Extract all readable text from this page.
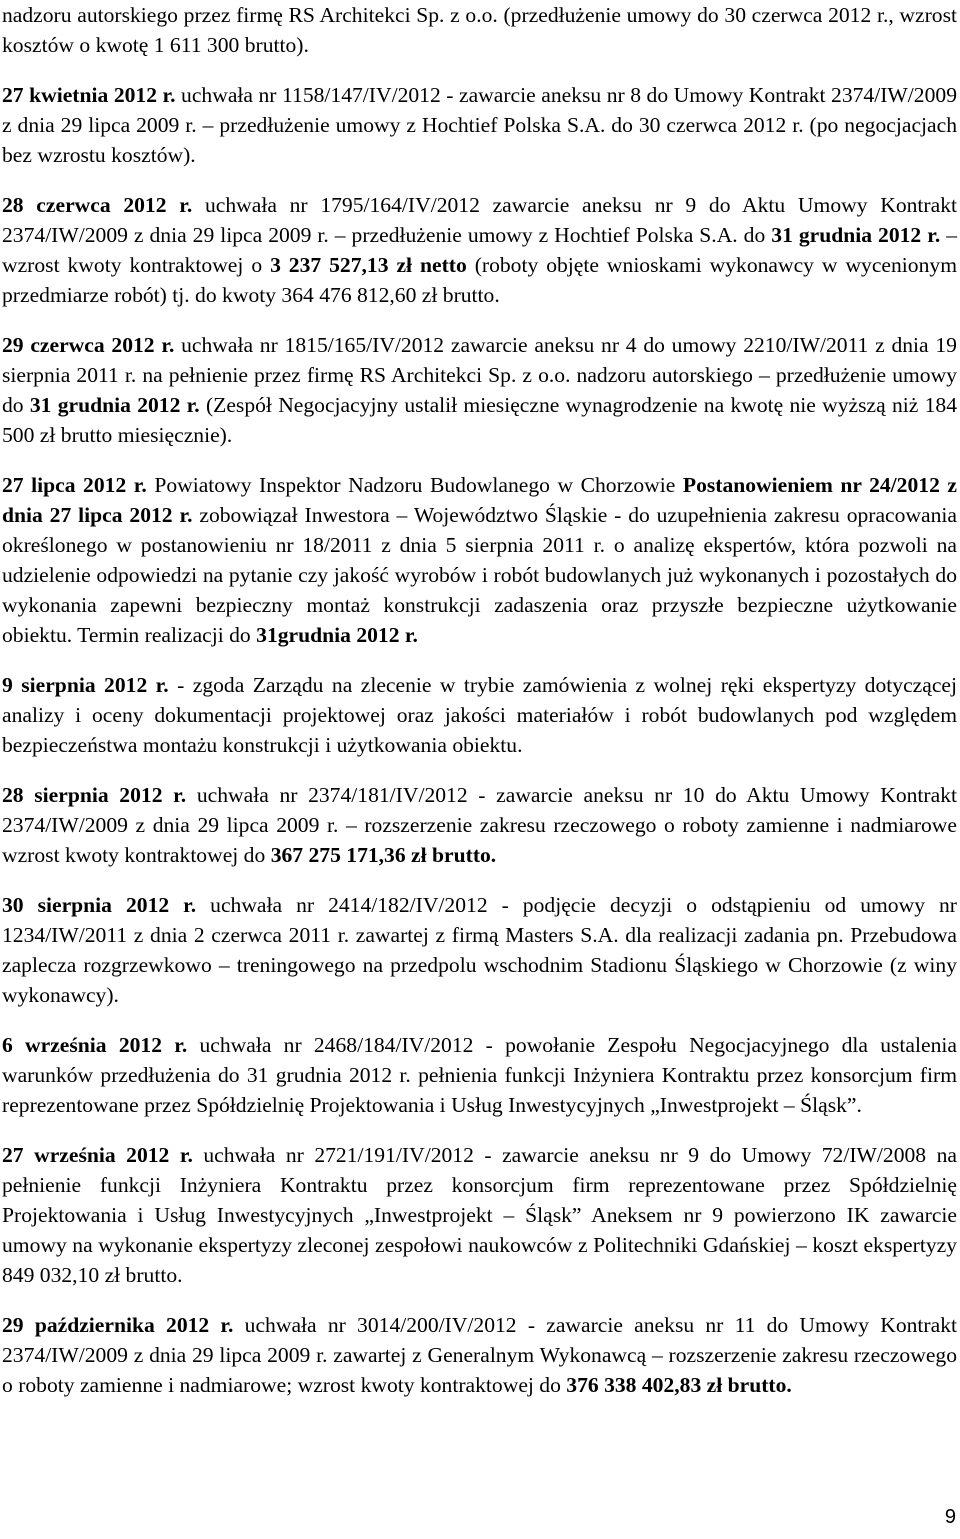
nadzoru autorskiego przez firmę RS Architekci Sp. z o.o. (przedłużenie umowy do 30 czerwca 2012 r., wzrost kosztów o kwotę 1 611 300 brutto).
27 kwietnia 2012 r. uchwała nr 1158/147/IV/2012 - zawarcie aneksu nr 8 do Umowy Kontrakt 2374/IW/2009 z dnia 29 lipca 2009 r. – przedłużenie umowy z Hochtief Polska S.A. do 30 czerwca 2012 r. (po negocjacjach bez wzrostu kosztów).
28 czerwca 2012 r. uchwała nr 1795/164/IV/2012 zawarcie aneksu nr 9 do Aktu Umowy Kontrakt 2374/IW/2009 z dnia 29 lipca 2009 r. – przedłużenie umowy z Hochtief Polska S.A. do 31 grudnia 2012 r. – wzrost kwoty kontraktowej o 3 237 527,13 zł netto (roboty objęte wnioskami wykonawcy w wycenionym przedmiarze robót) tj. do kwoty 364 476 812,60 zł brutto.
29 czerwca 2012 r. uchwała nr 1815/165/IV/2012 zawarcie aneksu nr 4 do umowy 2210/IW/2011 z dnia 19 sierpnia 2011 r. na pełnienie przez firmę RS Architekci Sp. z o.o. nadzoru autorskiego – przedłużenie umowy do 31 grudnia 2012 r. (Zespół Negocjacyjny ustalił miesięczne wynagrodzenie na kwotę nie wyższą niż 184 500 zł brutto miesięcznie).
27 lipca 2012 r. Powiatowy Inspektor Nadzoru Budowlanego w Chorzowie Postanowieniem nr 24/2012 z dnia 27 lipca 2012 r. zobowiązał Inwestora – Województwo Śląskie - do uzupełnienia zakresu opracowania określonego w postanowieniu nr 18/2011 z dnia 5 sierpnia 2011 r. o analizę ekspertów, która pozwoli na udzielenie odpowiedzi na pytanie czy jakość wyrobów i robót budowlanych już wykonanych i pozostałych do wykonania zapewni bezpieczny montaż konstrukcji zadaszenia oraz przyszłe bezpieczne użytkowanie obiektu. Termin realizacji do 31grudnia 2012 r.
9 sierpnia 2012 r. - zgoda Zarządu na zlecenie w trybie zamówienia z wolnej ręki ekspertyzy dotyczącej analizy i oceny dokumentacji projektowej oraz jakości materiałów i robót budowlanych pod względem bezpieczeństwa montażu konstrukcji i użytkowania obiektu.
28 sierpnia 2012 r. uchwała nr 2374/181/IV/2012 - zawarcie aneksu nr 10 do Aktu Umowy Kontrakt 2374/IW/2009 z dnia 29 lipca 2009 r. – rozszerzenie zakresu rzeczowego o roboty zamienne i nadmiarowe wzrost kwoty kontraktowej do 367 275 171,36 zł brutto.
30 sierpnia 2012 r. uchwała nr 2414/182/IV/2012 - podjęcie decyzji o odstąpieniu od umowy nr 1234/IW/2011 z dnia 2 czerwca 2011 r. zawartej z firmą Masters S.A. dla realizacji zadania pn. Przebudowa zaplecza rozgrzewkowo – treningowego na przedpolu wschodnim Stadionu Śląskiego w Chorzowie (z winy wykonawcy).
6 września 2012 r. uchwała nr 2468/184/IV/2012 - powołanie Zespołu Negocjacyjnego dla ustalenia warunków przedłużenia do 31 grudnia 2012 r. pełnienia funkcji Inżyniera Kontraktu przez konsorcjum firm reprezentowane przez Spółdzielnię Projektowania i Usług Inwestycyjnych „Inwestprojekt – Śląsk”.
27 września 2012 r. uchwała nr 2721/191/IV/2012 - zawarcie aneksu nr 9 do Umowy 72/IW/2008 na pełnienie funkcji Inżyniera Kontraktu przez konsorcjum firm reprezentowane przez Spółdzielnię Projektowania i Usług Inwestycyjnych „Inwestprojekt – Śląsk” Aneksem nr 9 powierzono IK zawarcie umowy na wykonanie ekspertyzy zleconej zespołowi naukowców z Politechniki Gdańskiej – koszt ekspertyzy 849 032,10 zł brutto.
29 października 2012 r. uchwała nr 3014/200/IV/2012 - zawarcie aneksu nr 11 do Umowy Kontrakt 2374/IW/2009 z dnia 29 lipca 2009 r. zawartej z Generalnym Wykonawcą – rozszerzenie zakresu rzeczowego o roboty zamienne i nadmiarowe; wzrost kwoty kontraktowej do 376 338 402,83 zł brutto.
9
